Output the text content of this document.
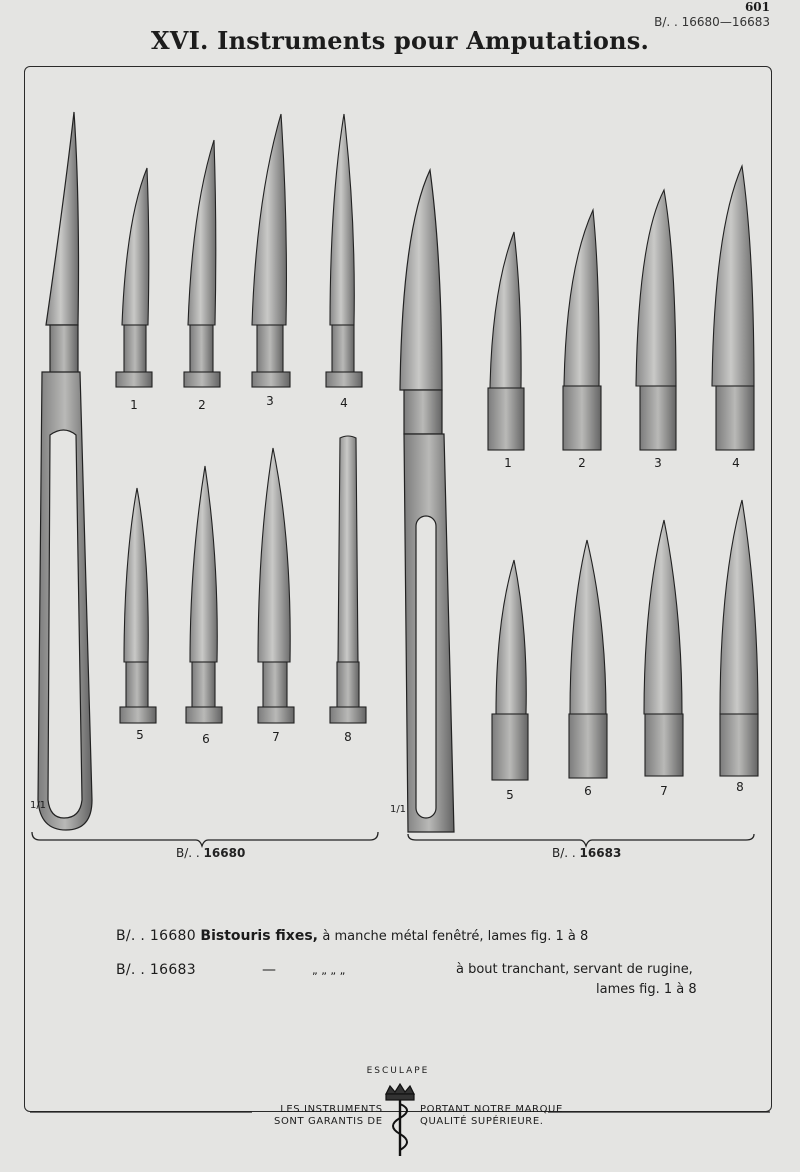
601
B/. . 16680—16683
XVI. Instruments pour Amputations.
1/1	1/1
1	2	3	4
5	6	7	8
1	2	3	4
5	6	7	8
B/. . 16680	B/. . 16683
B/. . 16680 Bistouris fixes, à manche métal fenêtré, lames fig. 1 à 8
B/. . 16683	—	„ „ „ „	à bout tranchant, servant de rugine,
lames fig. 1 à 8
ESCULAPE
LES INSTRUMENTS
SONT GARANTIS DE
PORTANT NOTRE MARQUE
QUALITÉ SUPÉRIEURE.
